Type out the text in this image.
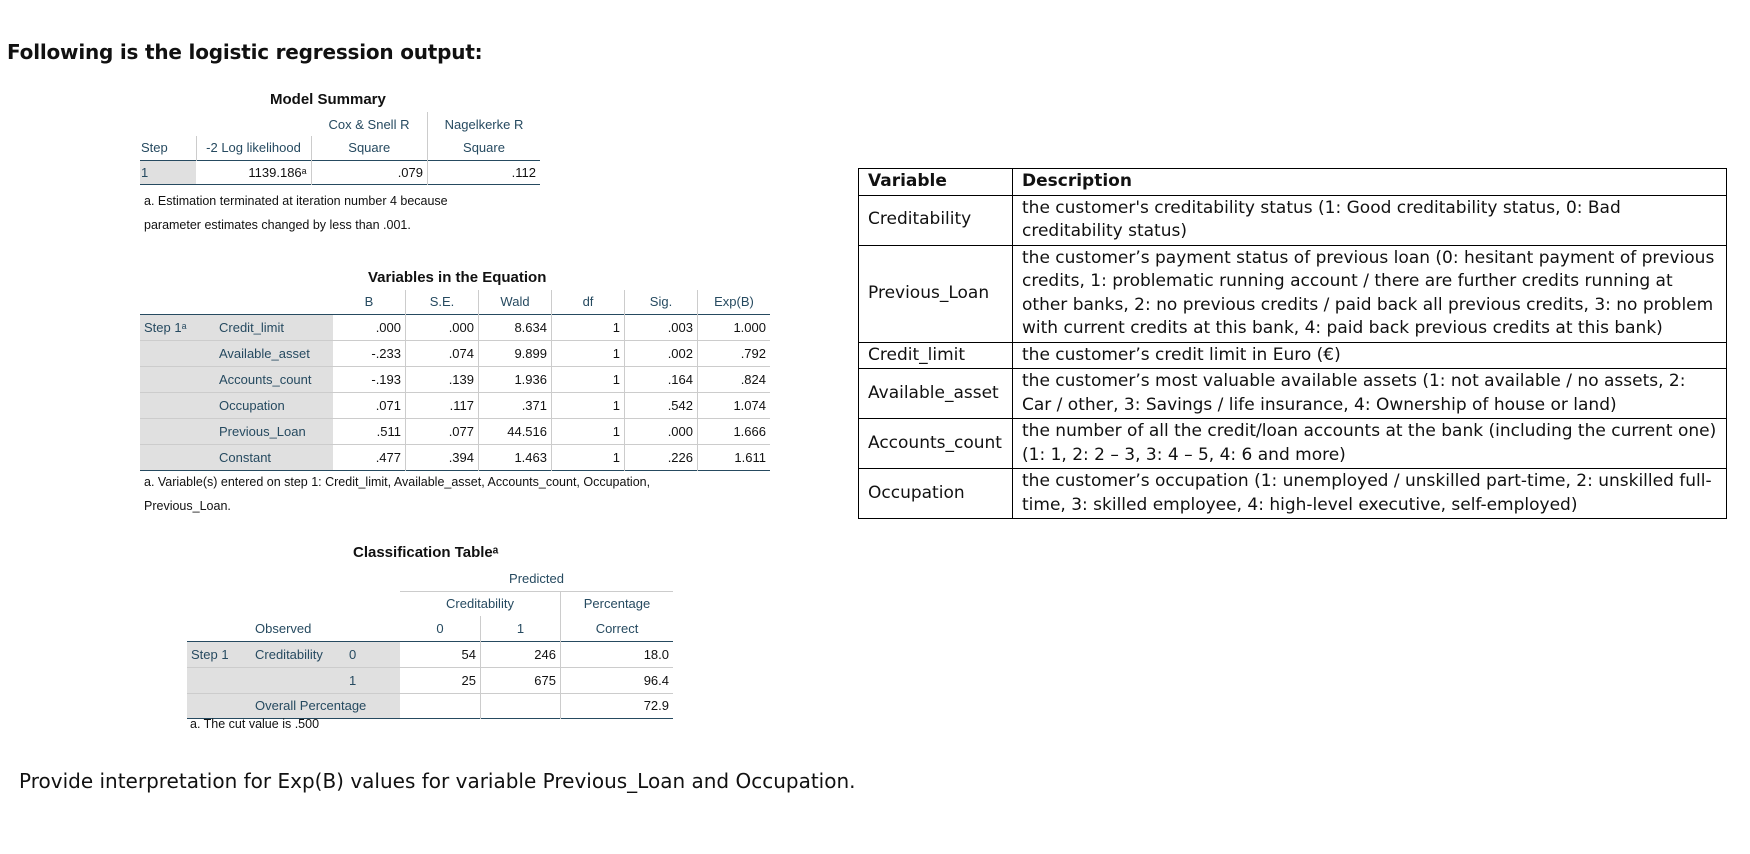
Following is the logistic regression output:
Model Summary
		Cox & Snell R	Nagelkerke R
Step	-2 Log likelihood	Square	Square
1	1139.186ᵃ	.079	.112
a. Estimation terminated at iteration number 4 because
parameter estimates changed by less than .001.
Variables in the Equation
		B	S.E.	Wald	df	Sig.	Exp(B)
Step 1ᵃ	Credit_limit	.000	.000	8.634	1	.003	1.000
	Available_asset	-.233	.074	9.899	1	.002	.792
	Accounts_count	-.193	.139	1.936	1	.164	.824
	Occupation	.071	.117	.371	1	.542	1.074
	Previous_Loan	.511	.077	44.516	1	.000	1.666
	Constant	.477	.394	1.463	1	.226	1.611
a. Variable(s) entered on step 1: Credit_limit, Available_asset, Accounts_count, Occupation,
Previous_Loan.
Classification Tableᵃ
			Predicted		
			Creditability		Percentage
	Observed		0	1	Correct
Step 1	Creditability	0	54	246	18.0
		1	25	675	96.4
	Overall Percentage				72.9
a. The cut value is .500
Variable	Description
Creditability	the customer's creditability status (1: Good creditability status, 0: Bad creditability status)
Previous_Loan	the customer’s payment status of previous loan (0: hesitant payment of previous credits, 1: problematic running account / there are further credits running at other banks, 2: no previous credits / paid back all previous credits, 3: no problem with current credits at this bank, 4: paid back previous credits at this bank)
Credit_limit	the customer’s credit limit in Euro (€)
Available_asset	the customer’s most valuable available assets (1: not available / no assets, 2: Car / other, 3: Savings / life insurance, 4: Ownership of house or land)
Accounts_count	the number of all the credit/loan accounts at the bank (including the current one) (1: 1, 2: 2 – 3, 3: 4 – 5, 4: 6 and more)
Occupation	the customer’s occupation (1: unemployed / unskilled part-time, 2: unskilled full-time, 3: skilled employee, 4: high-level executive, self-employed)
Provide interpretation for Exp(B) values for variable Previous_Loan and Occupation.
